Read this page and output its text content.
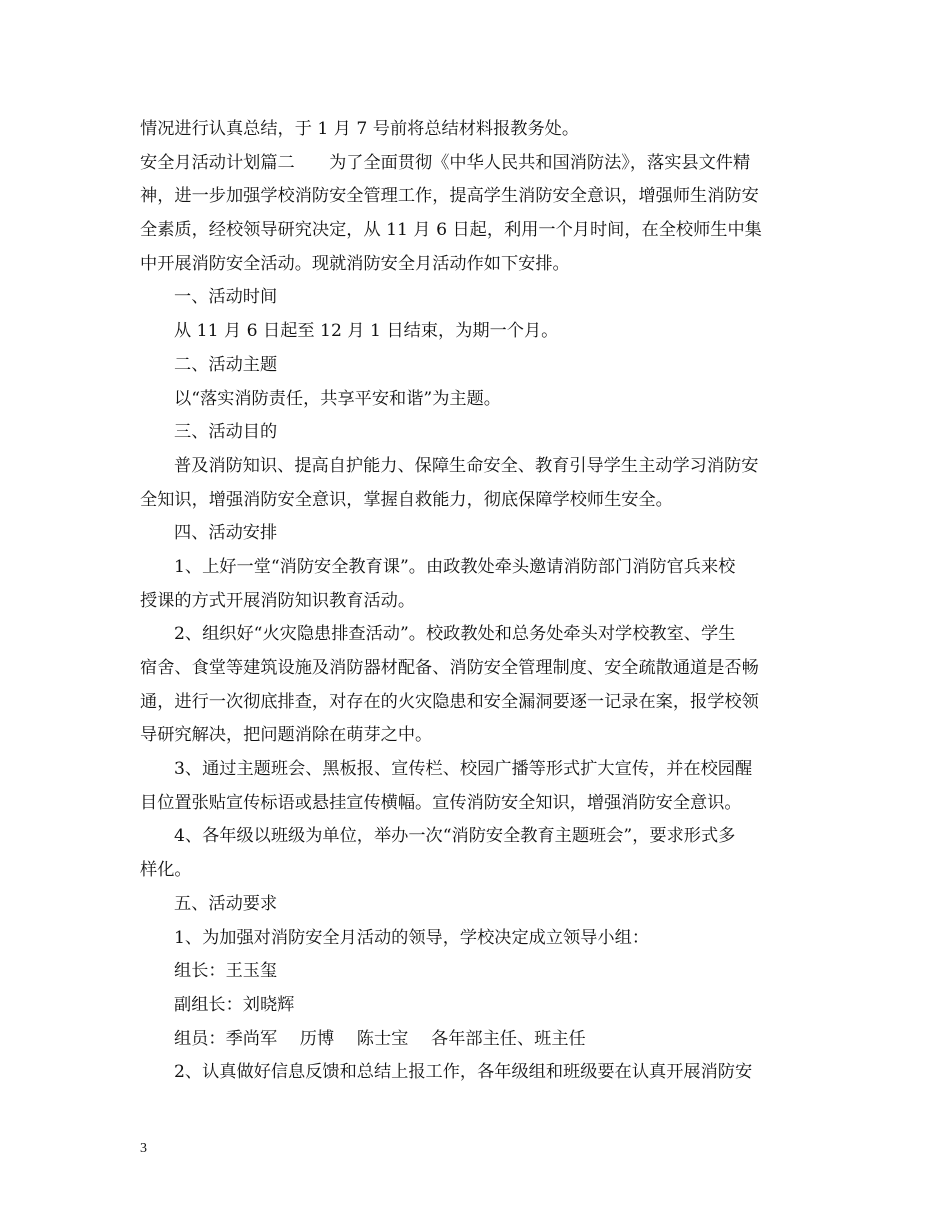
情况进行认真总结，于 1 月 7 号前将总结材料报教务处。
安全月活动计划篇二　　为了全面贯彻《中华人民共和国消防法》，落实县文件精
神，进一步加强学校消防安全管理工作，提高学生消防安全意识，增强师生消防安
全素质，经校领导研究决定，从 11 月 6 日起，利用一个月时间，在全校师生中集
中开展消防安全活动。现就消防安全月活动作如下安排。
一、活动时间
从 11 月 6 日起至 12 月 1 日结束，为期一个月。
二、活动主题
以“落实消防责任，共享平安和谐”为主题。
三、活动目的
普及消防知识、提高自护能力、保障生命安全、教育引导学生主动学习消防安
全知识，增强消防安全意识，掌握自救能力，彻底保障学校师生安全。
四、活动安排
1、上好一堂“消防安全教育课”。由政教处牵头邀请消防部门消防官兵来校
授课的方式开展消防知识教育活动。
2、组织好“火灾隐患排查活动”。校政教处和总务处牵头对学校教室、学生
宿舍、食堂等建筑设施及消防器材配备、消防安全管理制度、安全疏散通道是否畅
通，进行一次彻底排查，对存在的火灾隐患和安全漏洞要逐一记录在案，报学校领
导研究解决，把问题消除在萌芽之中。
3、通过主题班会、黑板报、宣传栏、校园广播等形式扩大宣传，并在校园醒
目位置张贴宣传标语或悬挂宣传横幅。宣传消防安全知识，增强消防安全意识。
4、各年级以班级为单位，举办一次“消防安全教育主题班会”，要求形式多
样化。
五、活动要求
1、为加强对消防安全月活动的领导，学校决定成立领导小组：
组长：王玉玺
副组长：刘晓辉
组员：季尚军　 历博　 陈士宝　 各年部主任、班主任
2、认真做好信息反馈和总结上报工作，各年级组和班级要在认真开展消防安
3
